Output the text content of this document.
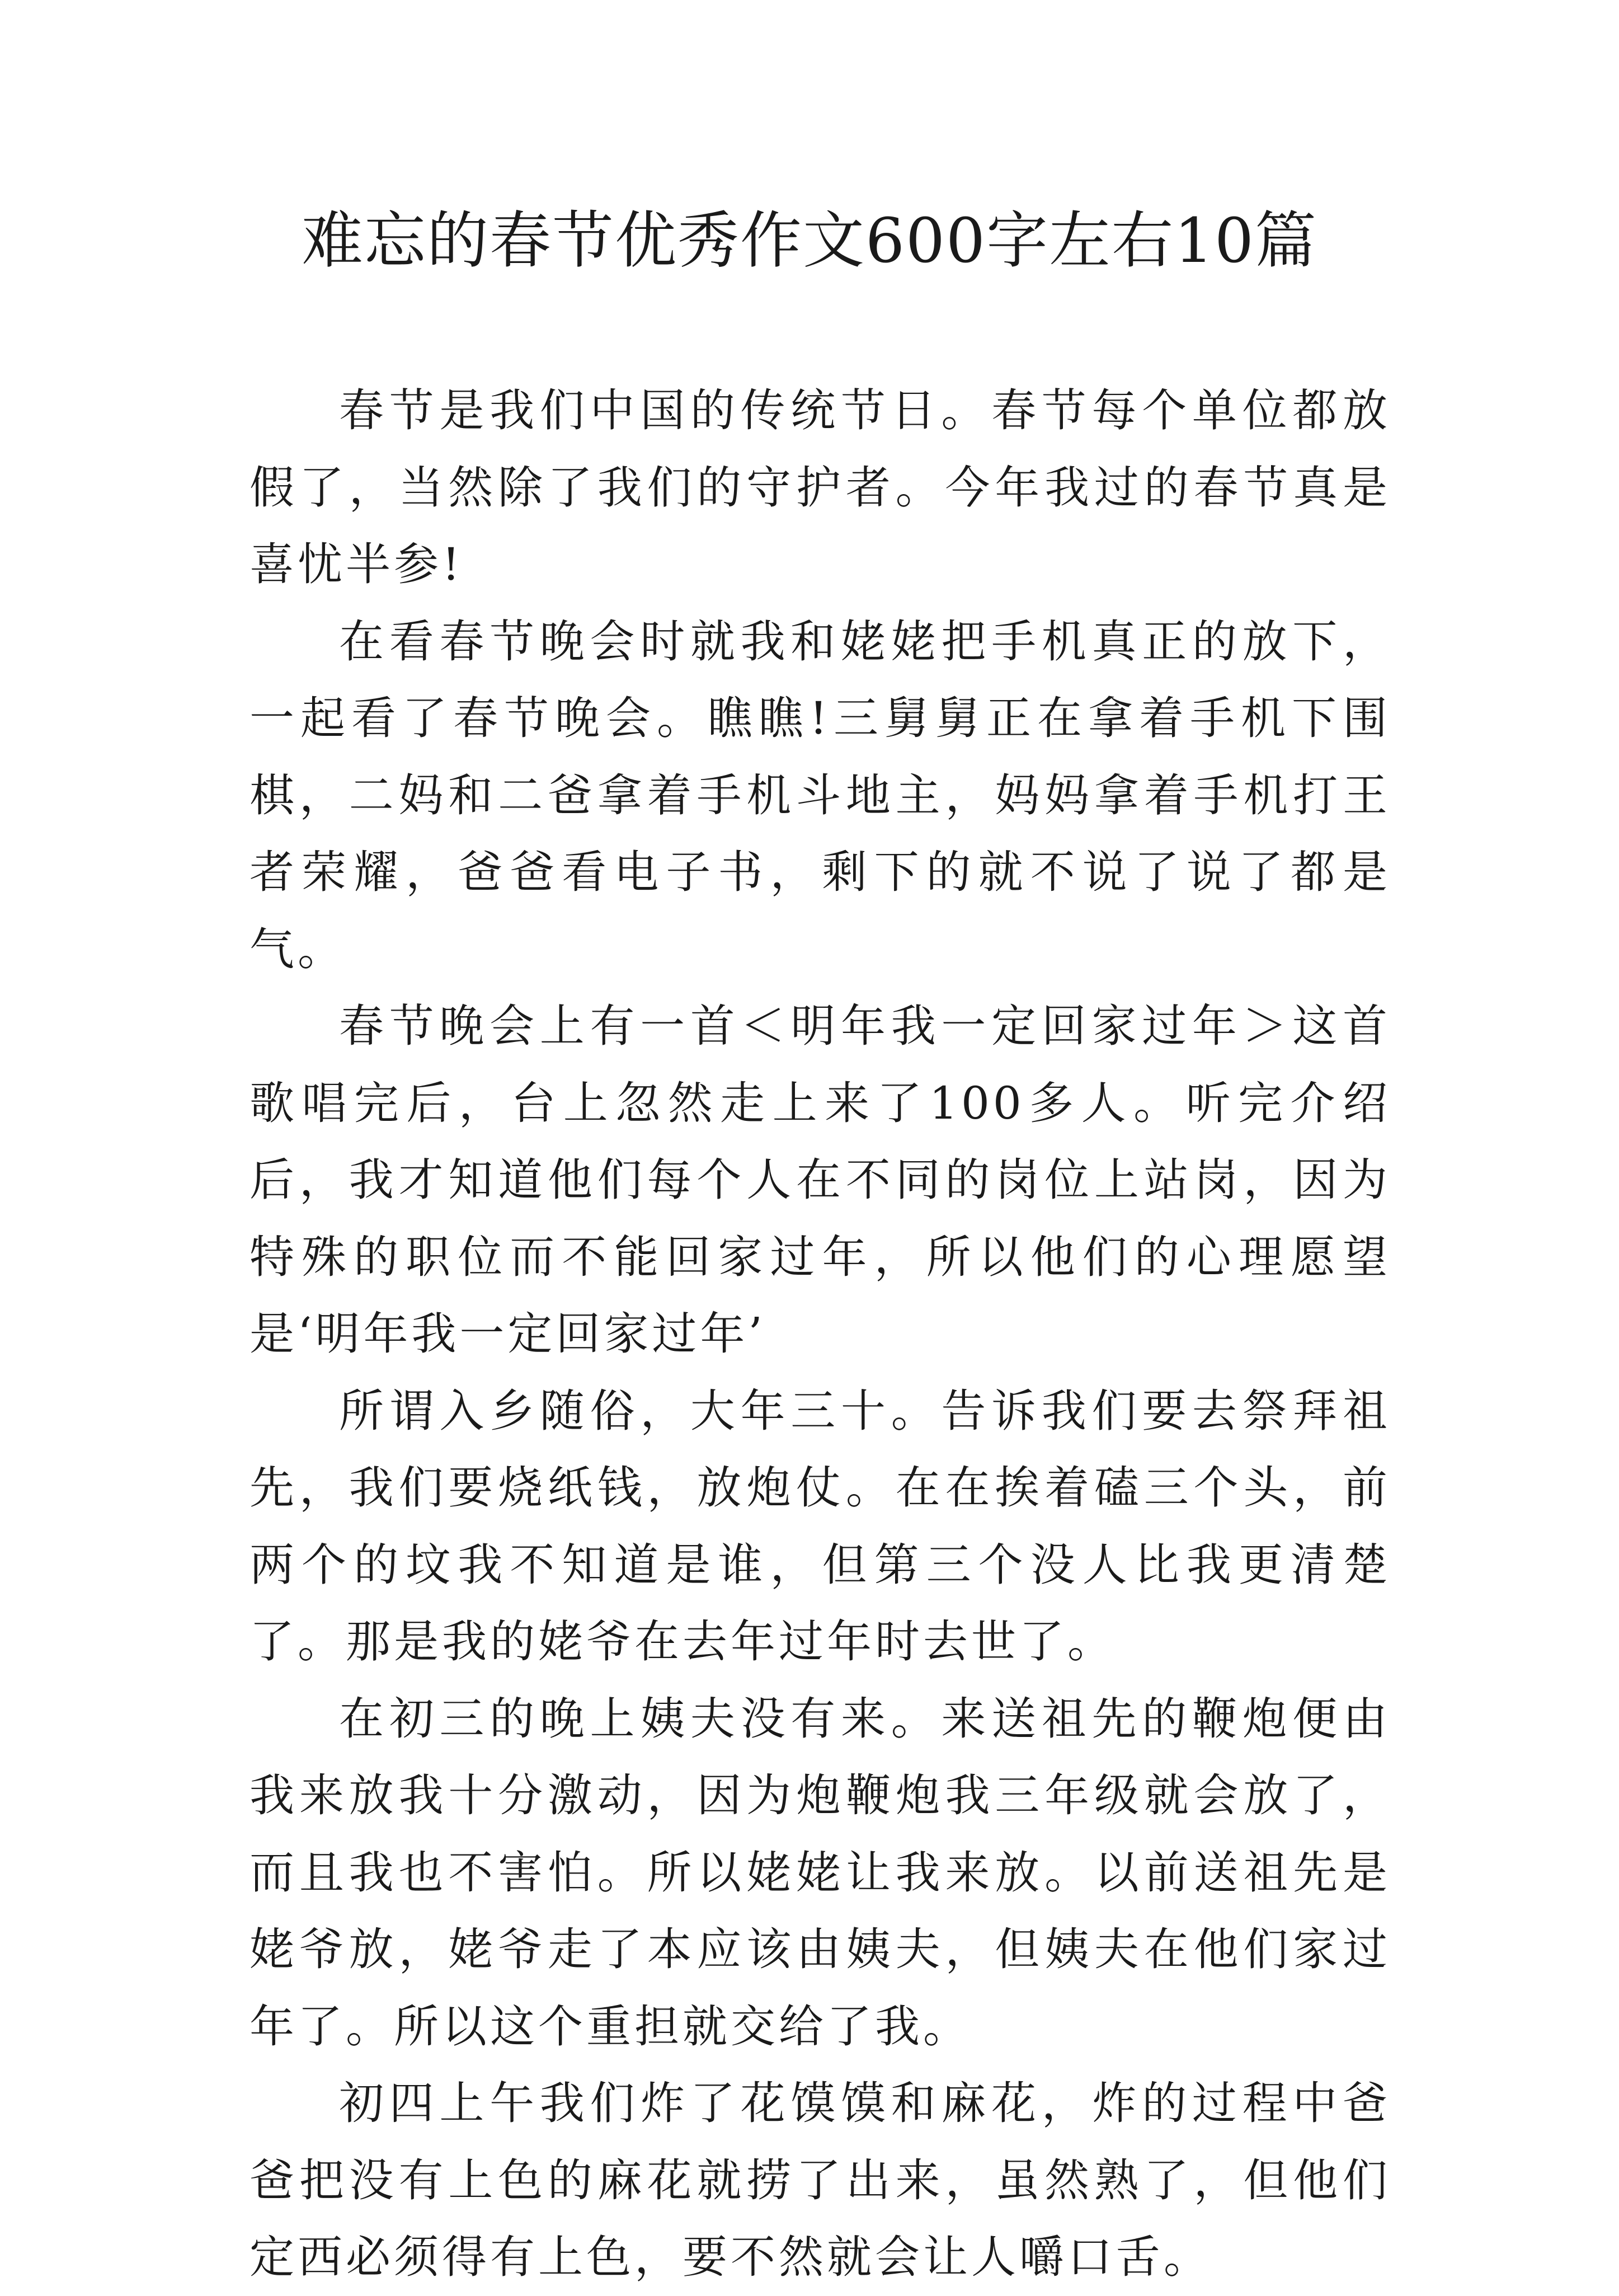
难忘的春节优秀作文600字左右10篇

春节是我们中国的传统节日。春节每个单位都放假了，当然除了我们的守护者。今年我过的春节真是喜忧半参!

在看春节晚会时就我和姥姥把手机真正的放下，一起看了春节晚会。瞧瞧!三舅舅正在拿着手机下围棋，二妈和二爸拿着手机斗地主，妈妈拿着手机打王者荣耀，爸爸看电子书，剩下的就不说了说了都是气。

春节晚会上有一首＜明年我一定回家过年＞这首歌唱完后，台上忽然走上来了100多人。听完介绍后，我才知道他们每个人在不同的岗位上站岗，因为特殊的职位而不能回家过年，所以他们的心理愿望是‘明年我一定回家过年’

所谓入乡随俗，大年三十。告诉我们要去祭拜祖先，我们要烧纸钱，放炮仗。在在挨着磕三个头，前两个的坟我不知道是谁，但第三个没人比我更清楚了。那是我的姥爷在去年过年时去世了。

在初三的晚上姨夫没有来。来送祖先的鞭炮便由我来放我十分激动，因为炮鞭炮我三年级就会放了，而且我也不害怕。所以姥姥让我来放。以前送祖先是姥爷放，姥爷走了本应该由姨夫，但姨夫在他们家过年了。所以这个重担就交给了我。

初四上午我们炸了花馍馍和麻花，炸的过程中爸爸把没有上色的麻花就捞了出来，虽然熟了，但他们定西必须得有上色，要不然就会让人嚼口舌。
